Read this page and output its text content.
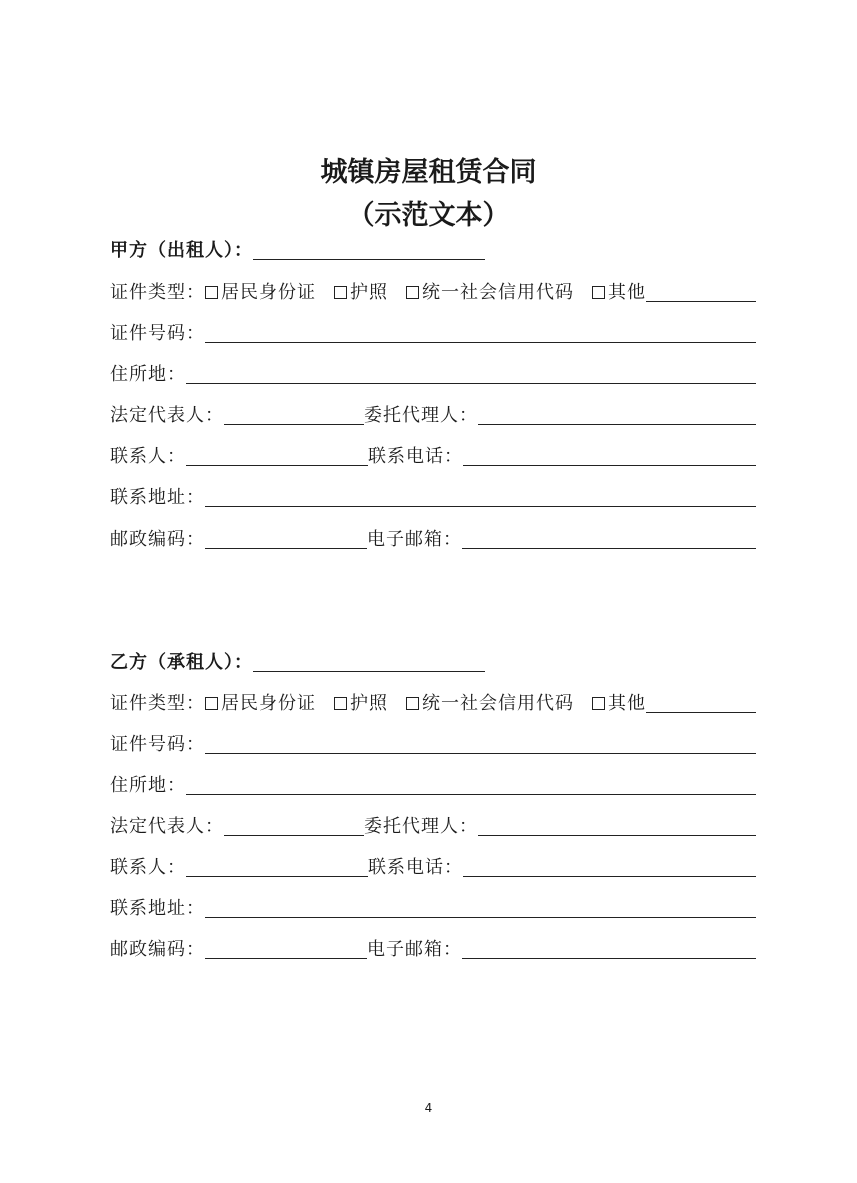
城镇房屋租赁合同
（示范文本）
甲方（出租人）：
证件类型： 居民身份证	护照	统一社会信用代码	其他
证件号码：
住所地：
法定代表人：	委托代理人：
联系人：	联系电话：
联系地址：
邮政编码：	电子邮箱：
乙方（承租人）：
证件类型： 居民身份证	护照	统一社会信用代码	其他
证件号码：
住所地：
法定代表人：	委托代理人：
联系人：	联系电话：
联系地址：
邮政编码：	电子邮箱：
4
